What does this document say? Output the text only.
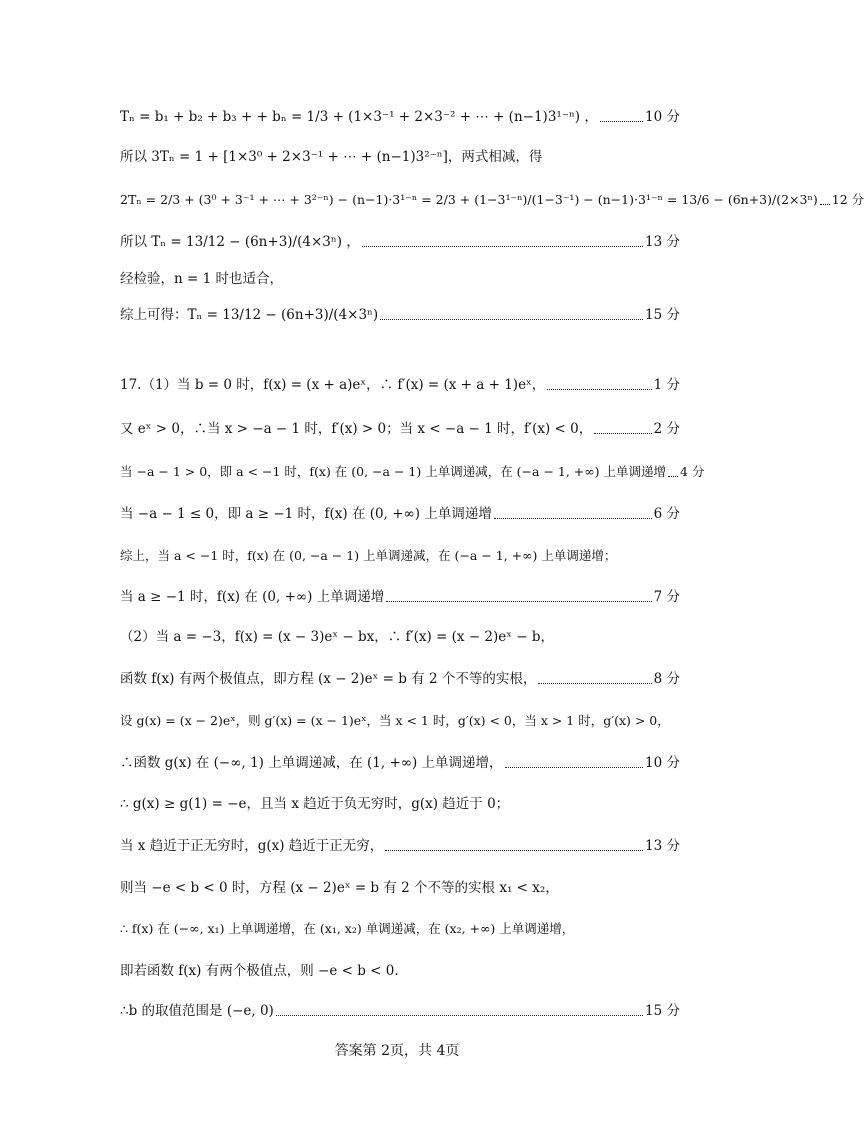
Tₙ = b₁ + b₂ + b₃ + + bₙ = 1/3 + (1×3⁻¹ + 2×3⁻² + ⋯ + (n−1)3¹⁻ⁿ) ，	10 分
所以 3Tₙ = 1 + [1×3⁰ + 2×3⁻¹ + ⋯ + (n−1)3²⁻ⁿ]，两式相减，得
2Tₙ = 2/3 + (3⁰ + 3⁻¹ + ⋯ + 3²⁻ⁿ) − (n−1)·3¹⁻ⁿ = 2/3 + (1−3¹⁻ⁿ)/(1−3⁻¹) − (n−1)·3¹⁻ⁿ = 13/6 − (6n+3)/(2×3ⁿ) 12 分
所以 Tₙ = 13/12 − (6n+3)/(4×3ⁿ) ，	13 分
经检验，n = 1 时也适合，
综上可得：Tₙ = 13/12 − (6n+3)/(4×3ⁿ)	15 分
17.（1）当 b = 0 时，f(x) = (x + a)eˣ，∴ f′(x) = (x + a + 1)eˣ，	1 分
又 eˣ > 0，∴当 x > −a − 1 时，f′(x) > 0；当 x < −a − 1 时，f′(x) < 0，	2 分
当 −a − 1 > 0，即 a < −1 时，f(x) 在 (0, −a − 1) 上单调递减，在 (−a − 1, +∞) 上单调递增 4 分
当 −a − 1 ≤ 0，即 a ≥ −1 时，f(x) 在 (0, +∞) 上单调递增	6 分
综上，当 a < −1 时，f(x) 在 (0, −a − 1) 上单调递减，在 (−a − 1, +∞) 上单调递增；
当 a ≥ −1 时，f(x) 在 (0, +∞) 上单调递增	7 分
（2）当 a = −3，f(x) = (x − 3)eˣ − bx，∴ f′(x) = (x − 2)eˣ − b，
函数 f(x) 有两个极值点，即方程 (x − 2)eˣ = b 有 2 个不等的实根，	8 分
设 g(x) = (x − 2)eˣ，则 g′(x) = (x − 1)eˣ，当 x < 1 时，g′(x) < 0，当 x > 1 时，g′(x) > 0，
∴函数 g(x) 在 (−∞, 1) 上单调递减，在 (1, +∞) 上单调递增，	10 分
∴ g(x) ≥ g(1) = −e，且当 x 趋近于负无穷时，g(x) 趋近于 0；
当 x 趋近于正无穷时，g(x) 趋近于正无穷，	13 分
则当 −e < b < 0 时，方程 (x − 2)eˣ = b 有 2 个不等的实根 x₁ < x₂，
∴ f(x) 在 (−∞, x₁) 上单调递增，在 (x₁, x₂) 单调递减，在 (x₂, +∞) 上单调递增，
即若函数 f(x) 有两个极值点，则 −e < b < 0.
∴b 的取值范围是 (−e, 0)	15 分
答案第 2页，共 4页
